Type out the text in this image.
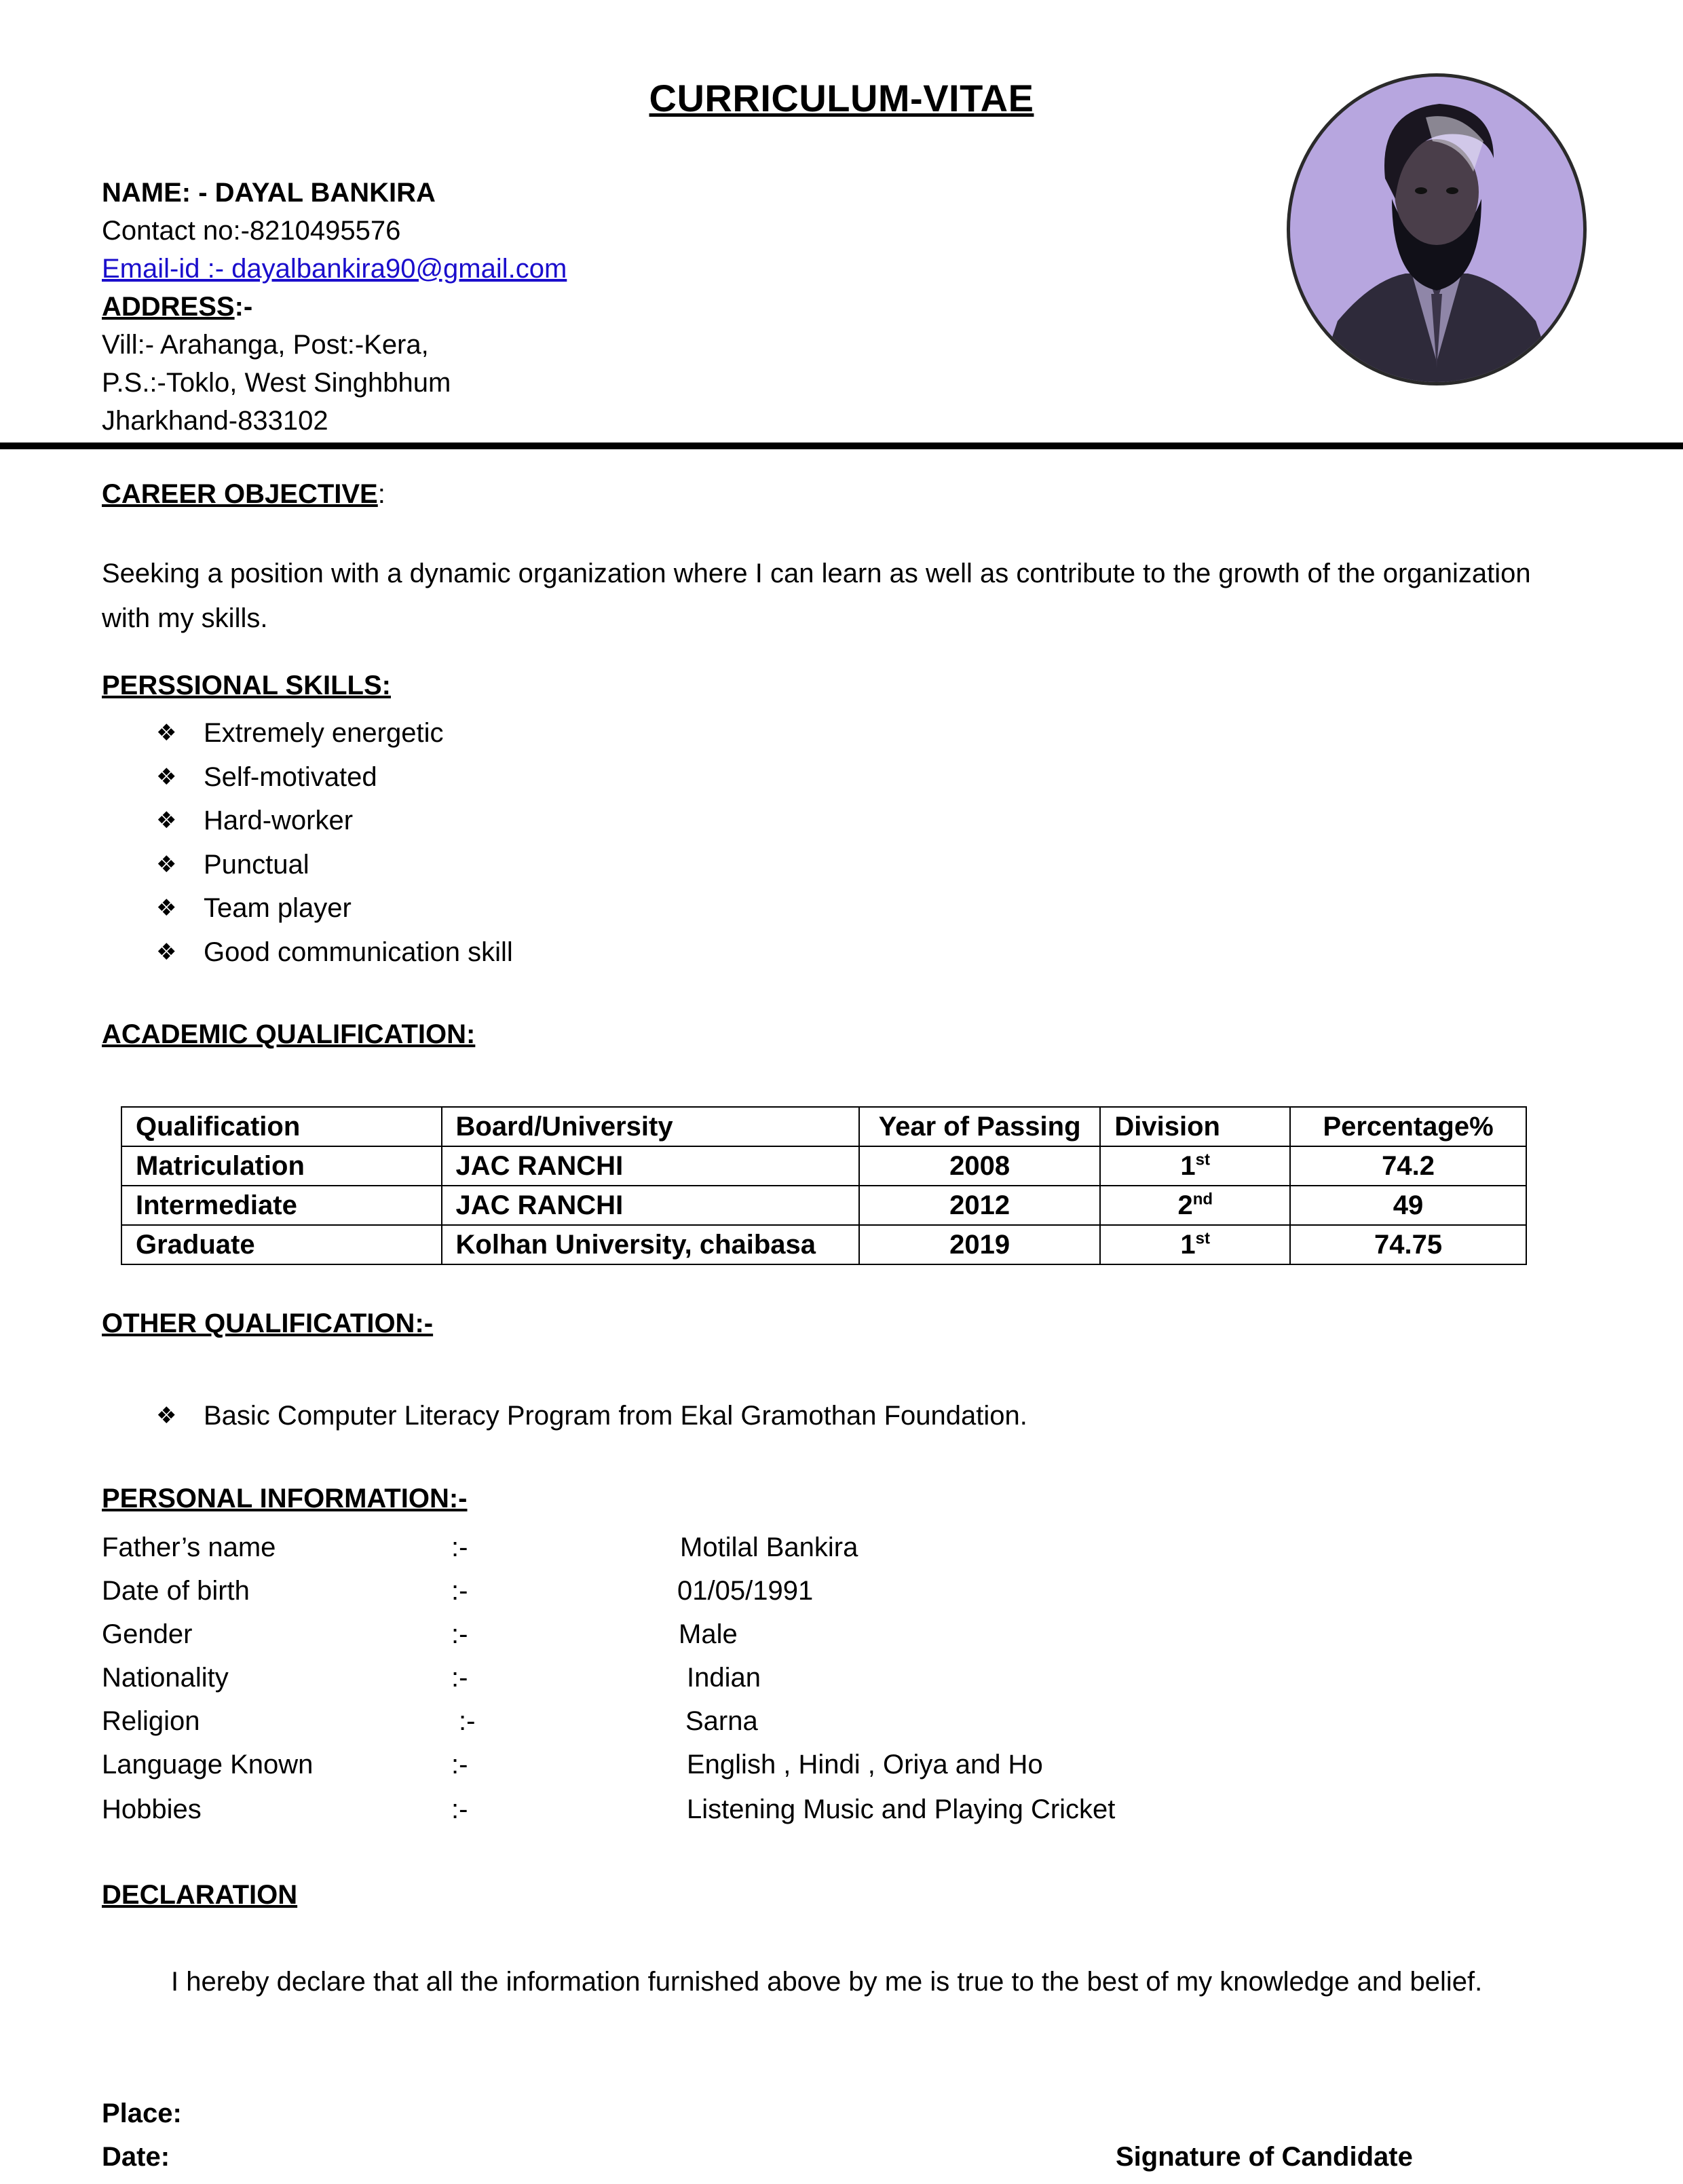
CURRICULUM-VITAE
NAME: - DAYAL BANKIRA
Contact no:-8210495576
Email-id :- dayalbankira90@gmail.com
ADDRESS:-
Vill:- Arahanga, Post:-Kera,
P.S.:-Toklo, West Singhbhum
Jharkhand-833102
CAREER OBJECTIVE:
Seeking a position with a dynamic organization where I can learn as well as contribute to the growth of the organization with my skills.
PERSSIONAL SKILLS:
❖ Extremely energetic
❖ Self-motivated
❖ Hard-worker
❖ Punctual
❖ Team player
❖ Good communication skill
ACADEMIC QUALIFICATION:
Qualification	Board/University	Year of Passing	Division	Percentage%
Matriculation	JAC RANCHI	2008	1st	74.2
Intermediate	JAC RANCHI	2012	2nd	49
Graduate	Kolhan University, chaibasa	2019	1st	74.75
OTHER QUALIFICATION:-
❖ Basic Computer Literacy Program from Ekal Gramothan Foundation.
PERSONAL INFORMATION:-
Father’s name	:-	Motilal Bankira
Date of birth	:-	01/05/1991
Gender	:-	Male
Nationality	:-	Indian
Religion	:-	Sarna
Language Known	:-	English , Hindi , Oriya and Ho
Hobbies	:-	Listening Music and Playing Cricket
DECLARATION
I hereby declare that all the information furnished above by me is true to the best of my knowledge and belief.
Place:
Date:	Signature of Candidate
